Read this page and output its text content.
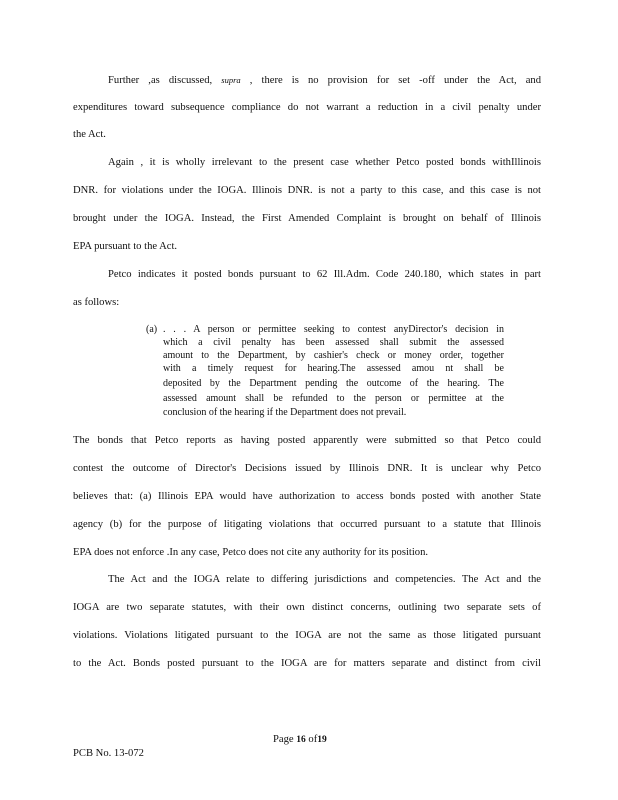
Further ,as discussed, supra , there is no provision for set -off under the Act, and
expenditures toward subsequence compliance do not warrant a reduction in a civil penalty under
the Act.
Again , it is wholly irrelevant to the present case whether Petco posted bonds withIllinois
DNR. for violations under the IOGA. Illinois DNR. is not a party to this case, and this case is not
brought under the IOGA. Instead, the First Amended Complaint is brought on behalf of Illinois
EPA pursuant to the Act.
Petco indicates it posted bonds pursuant to 62 Ill.Adm. Code 240.180, which states in part
as follows:
(a) . . . A person or permittee seeking to contest anyDirector's decision in
which a civil penalty has been assessed shall submit the assessed
amount to the Department, by cashier's check or money order, together
with a timely request for hearing.The assessed amou nt shall be
deposited by the Department pending the outcome of the hearing. The
assessed amount shall be refunded to the person or permittee at the
conclusion of the hearing if the Department does not prevail.
The bonds that Petco reports as having posted apparently were submitted so that Petco could
contest the outcome of Director's Decisions issued by Illinois DNR. It is unclear why Petco
believes that: (a) Illinois EPA would have authorization to access bonds posted with another State
agency (b) for the purpose of litigating violations that occurred pursuant to a statute that Illinois
EPA does not enforce .In any case, Petco does not cite any authority for its position.
The Act and the IOGA relate to differing jurisdictions and competencies. The Act and the
IOGA are two separate statutes, with their own distinct concerns, outlining two separate sets of
violations. Violations litigated pursuant to the IOGA are not the same as those litigated pursuant
to the Act. Bonds posted pursuant to the IOGA are for matters separate and distinct from civil
Page 16 of19
PCB No. 13-072
